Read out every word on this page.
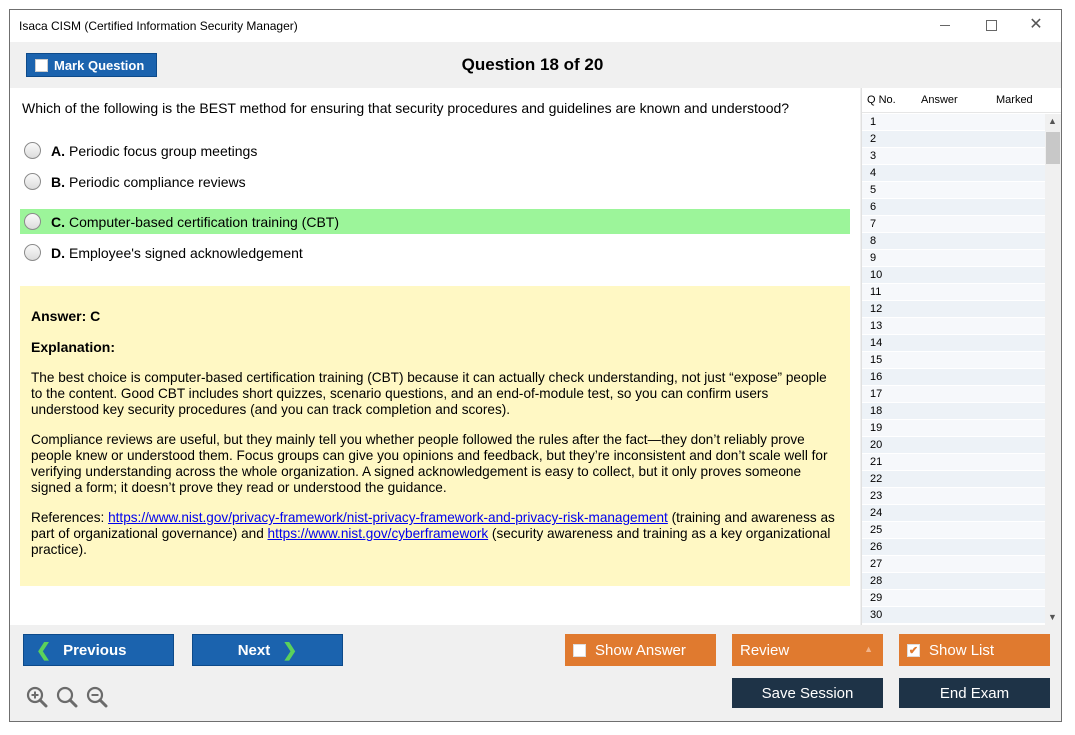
Isaca CISM (Certified Information Security Manager)	✕
Mark Question	Question 18 of 20
Which of the following is the BEST method for ensuring that security procedures and guidelines are known and understood?
A. Periodic focus group meetings
B. Periodic compliance reviews
C. Computer-based certification training (CBT)
D. Employee's signed acknowledgement
Answer: C
Explanation:

The best choice is computer-based certification training (CBT) because it can actually check understanding, not just “expose” people to the content. Good CBT includes short quizzes, scenario questions, and an end-of-module test, so you can confirm users understood key security procedures (and you can track completion and scores).

Compliance reviews are useful, but they mainly tell you whether people followed the rules after the fact—they don’t reliably prove people knew or understood them. Focus groups can give you opinions and feedback, but they’re inconsistent and don’t scale well for verifying understanding across the whole organization. A signed acknowledgement is easy to collect, but it only proves someone signed a form; it doesn’t prove they read or understood the guidance.

References: https://www.nist.gov/privacy-framework/nist-privacy-framework-and-privacy-risk-management (training and awareness as part of organizational governance) and https://www.nist.gov/cyberframework (security awareness and training as a key organizational practice).

Q No. Answer	Marked
1
2
3
4
5
6
7
8
9
10
11
12
13
14
15
16
17
18
19
20
21
22
23
24
25
26
27
28
29
30
▲
▼
❮ Previous	Next ❯	Show Answer	Review	▲	✔ Show List
Save Session	End Exam
